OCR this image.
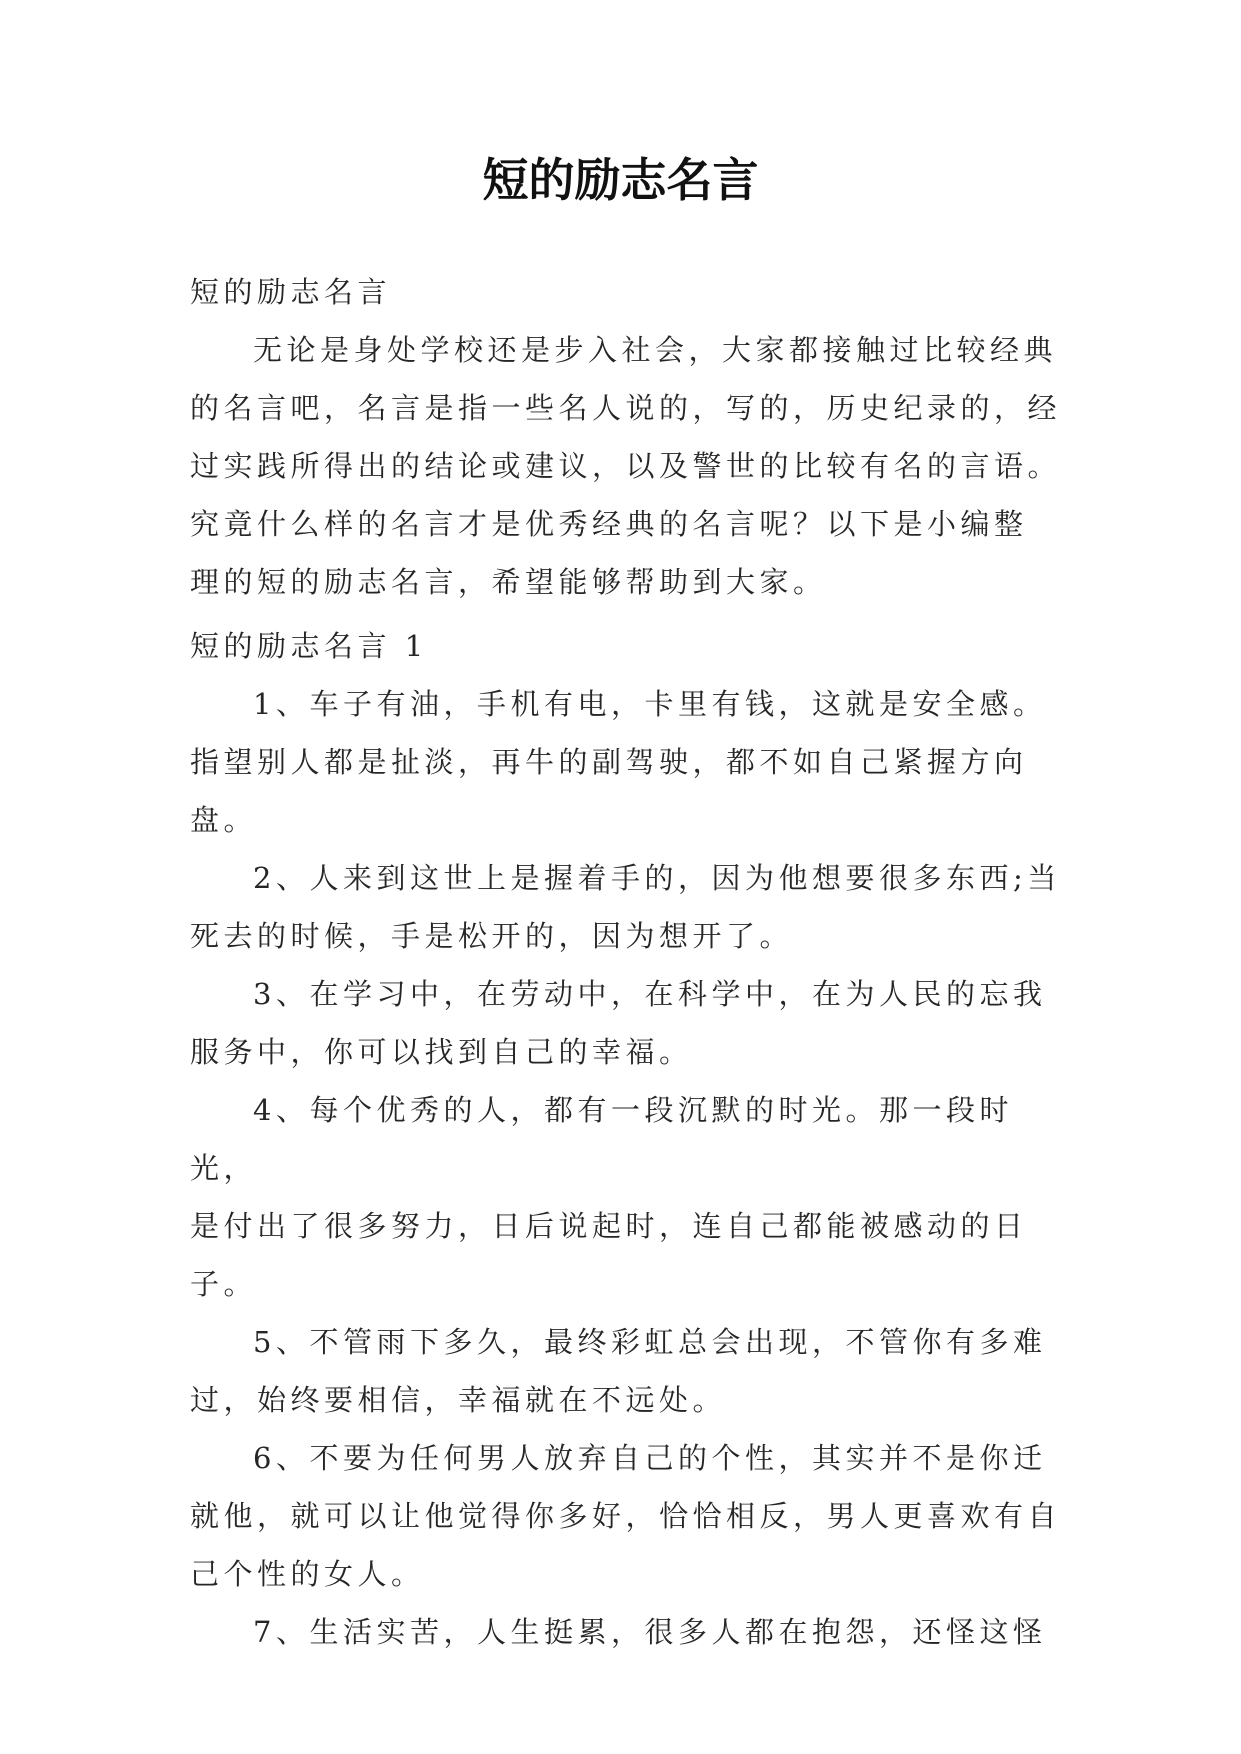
短的励志名言

短的励志名言

无论是身处学校还是步入社会，大家都接触过比较经典
的名言吧，名言是指一些名人说的，写的，历史纪录的，经
过实践所得出的结论或建议，以及警世的比较有名的言语。
究竟什么样的名言才是优秀经典的名言呢？以下是小编整
理的短的励志名言，希望能够帮助到大家。

短的励志名言 1

1、车子有油，手机有电，卡里有钱，这就是安全感。
指望别人都是扯淡，再牛的副驾驶，都不如自己紧握方向盘。
2、人来到这世上是握着手的，因为他想要很多东西;当
死去的时候，手是松开的，因为想开了。
3、在学习中，在劳动中，在科学中，在为人民的忘我
服务中，你可以找到自己的幸福。
4、每个优秀的人，都有一段沉默的时光。那一段时光，
是付出了很多努力，日后说起时，连自己都能被感动的日子。
5、不管雨下多久，最终彩虹总会出现，不管你有多难
过，始终要相信，幸福就在不远处。
6、不要为任何男人放弃自己的个性，其实并不是你迁
就他，就可以让他觉得你多好，恰恰相反，男人更喜欢有自
己个性的女人。
7、生活实苦，人生挺累，很多人都在抱怨，还怪这怪
